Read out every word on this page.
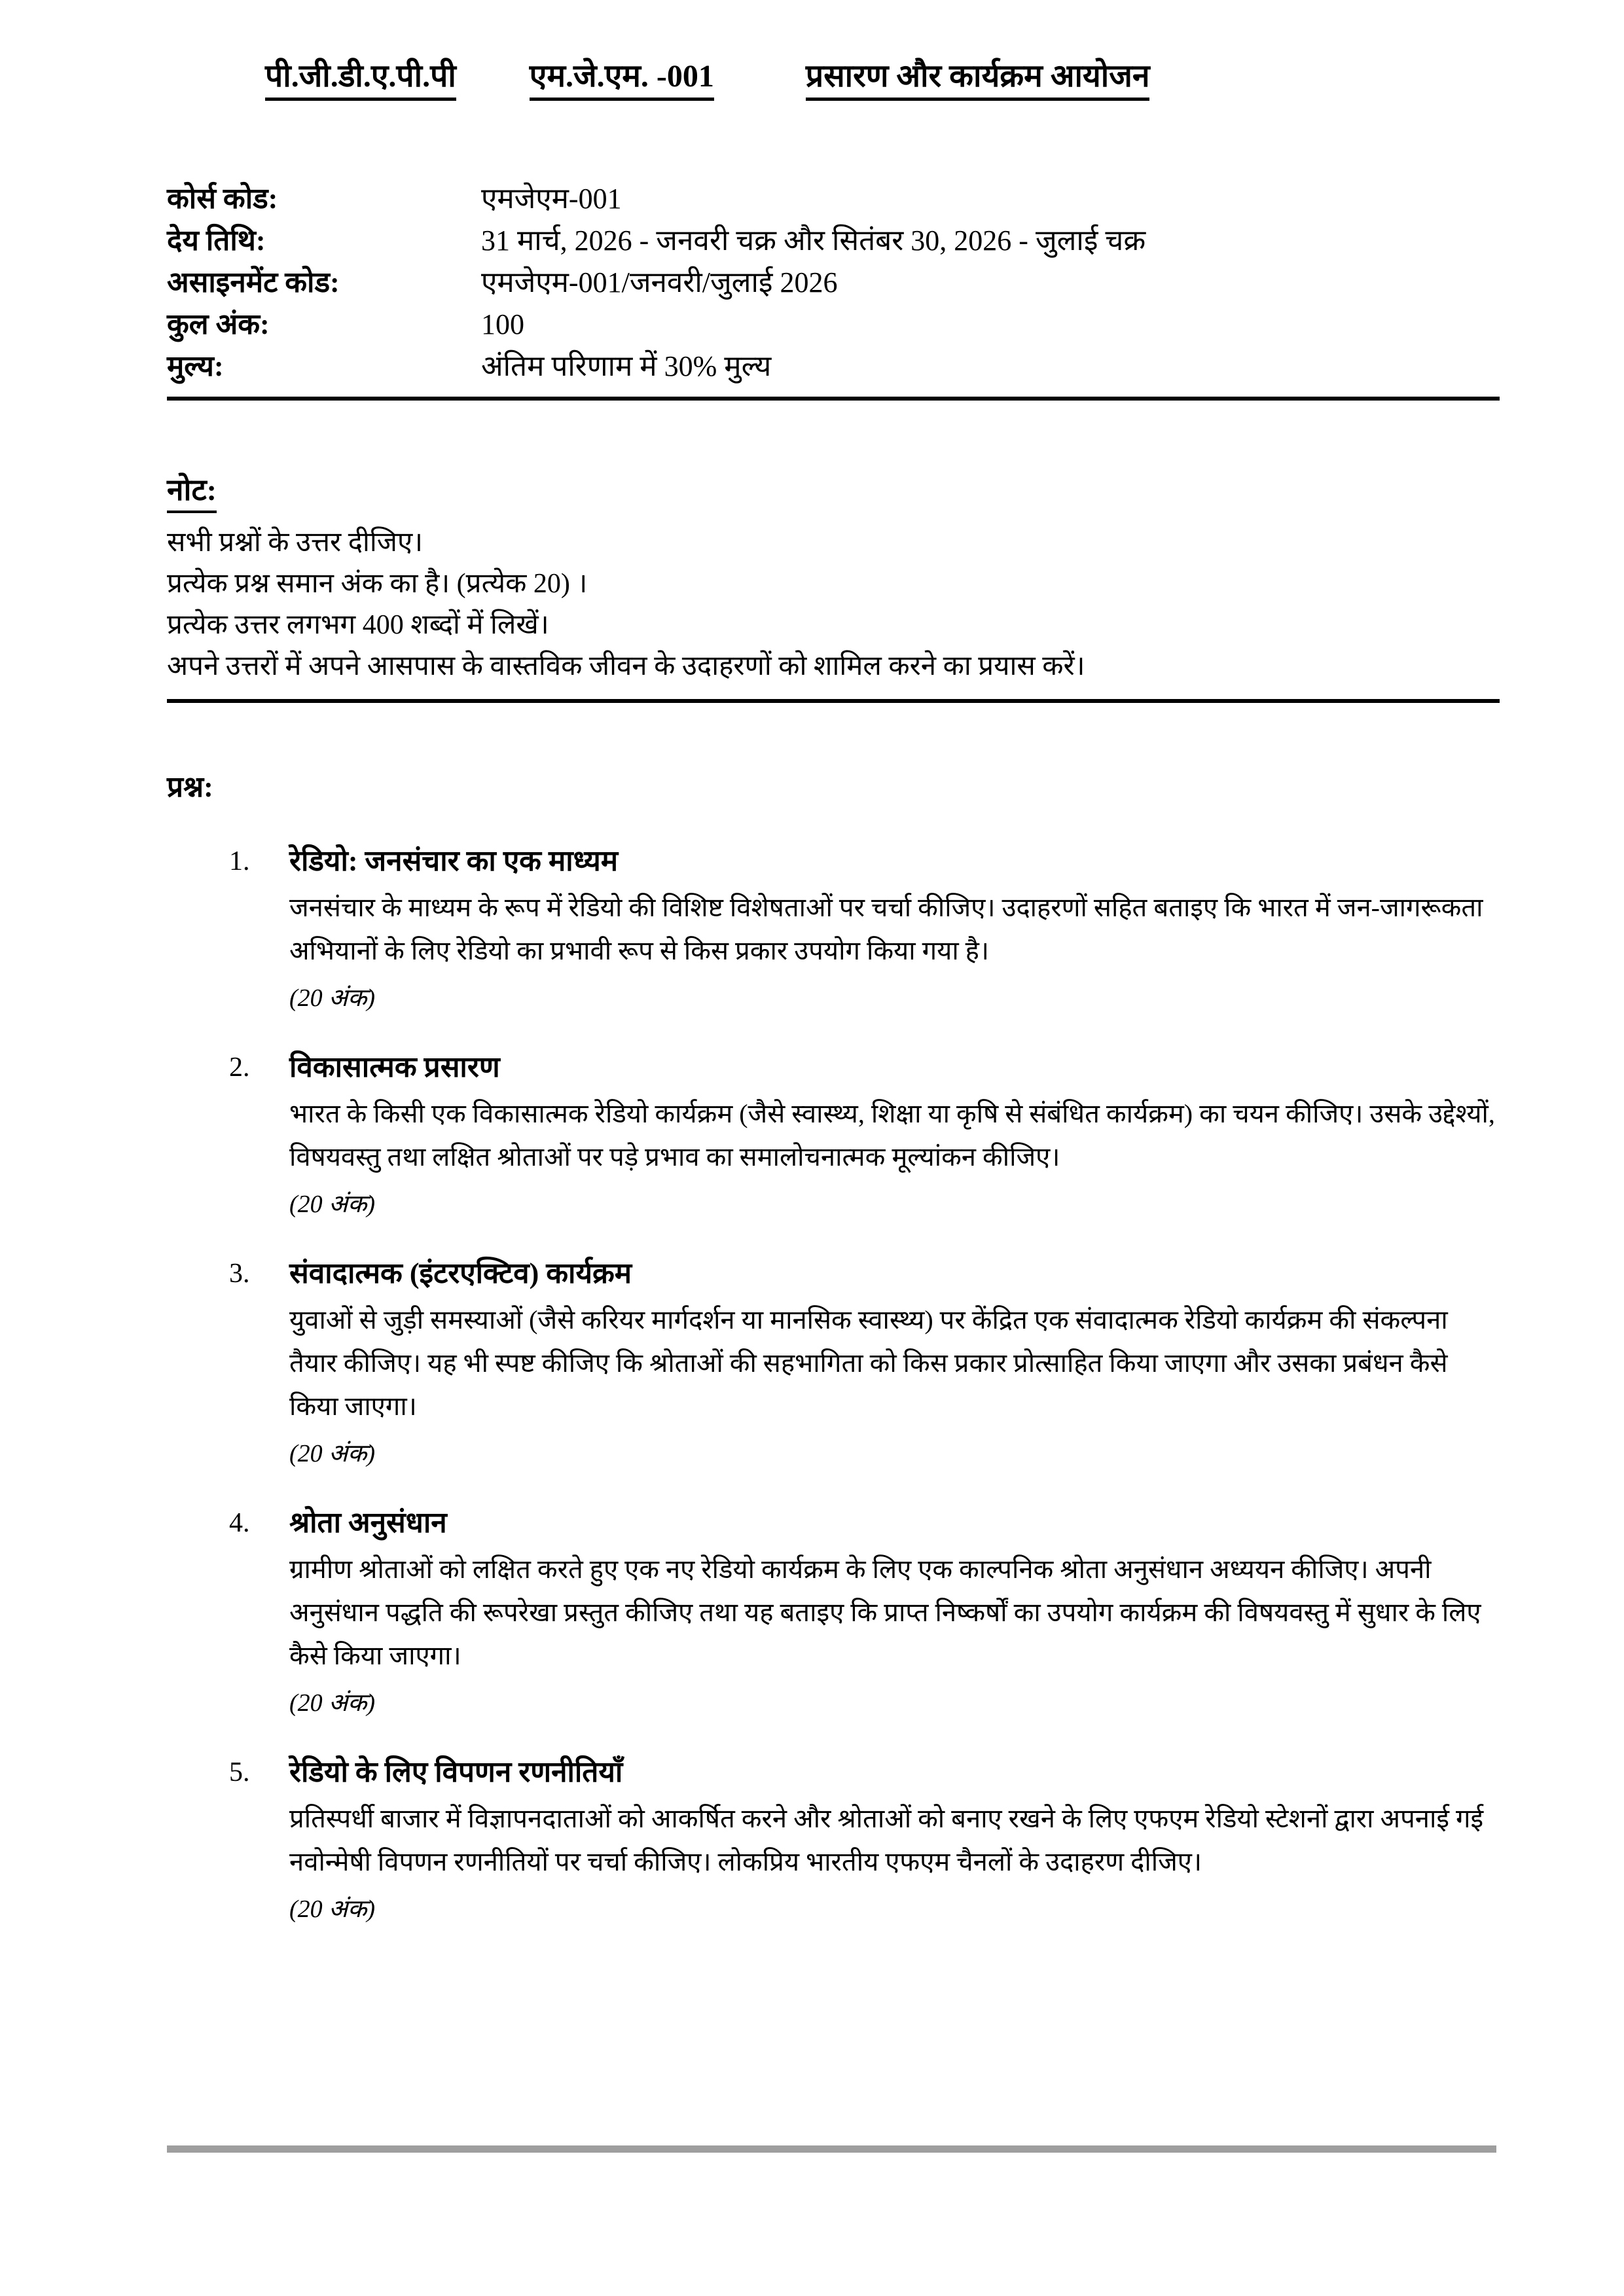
पी.जी.डी.ए.पी.पी एम.जे.एम. -001	प्रसारण और कार्यक्रम आयोजन
कोर्स कोड:	एमजेएम-001
देय तिथि:	31 मार्च, 2026 - जनवरी चक्र और सितंबर 30, 2026 - जुलाई चक्र
असाइनमेंट कोड:	एमजेएम-001/जनवरी/जुलाई 2026
कुल अंक:	100
मुल्य:	अंतिम परिणाम में 30% मुल्य
नोट:
सभी प्रश्नों के उत्तर दीजिए।
प्रत्येक प्रश्न समान अंक का है। (प्रत्येक 20) ।
प्रत्येक उत्तर लगभग 400 शब्दों में लिखें।
अपने उत्तरों में अपने आसपास के वास्तविक जीवन के उदाहरणों को शामिल करने का प्रयास करें।
प्रश्न:
1.	रेडियो: जनसंचार का एक माध्यम
जनसंचार के माध्यम के रूप में रेडियो की विशिष्ट विशेषताओं पर चर्चा कीजिए। उदाहरणों सहित बताइए कि भारत में जन-जागरूकता अभियानों के लिए रेडियो का प्रभावी रूप से किस प्रकार उपयोग किया गया है।
(20 अंक)
2.	विकासात्मक प्रसारण
भारत के किसी एक विकासात्मक रेडियो कार्यक्रम (जैसे स्वास्थ्य, शिक्षा या कृषि से संबंधित कार्यक्रम) का चयन कीजिए। उसके उद्देश्यों, विषयवस्तु तथा लक्षित श्रोताओं पर पड़े प्रभाव का समालोचनात्मक मूल्यांकन कीजिए।
(20 अंक)
3.	संवादात्मक (इंटरएक्टिव) कार्यक्रम
युवाओं से जुड़ी समस्याओं (जैसे करियर मार्गदर्शन या मानसिक स्वास्थ्य) पर केंद्रित एक संवादात्मक रेडियो कार्यक्रम की संकल्पना तैयार कीजिए। यह भी स्पष्ट कीजिए कि श्रोताओं की सहभागिता को किस प्रकार प्रोत्साहित किया जाएगा और उसका प्रबंधन कैसे किया जाएगा।
(20 अंक)
4.	श्रोता अनुसंधान
ग्रामीण श्रोताओं को लक्षित करते हुए एक नए रेडियो कार्यक्रम के लिए एक काल्पनिक श्रोता अनुसंधान अध्ययन कीजिए। अपनी अनुसंधान पद्धति की रूपरेखा प्रस्तुत कीजिए तथा यह बताइए कि प्राप्त निष्कर्षों का उपयोग कार्यक्रम की विषयवस्तु में सुधार के लिए कैसे किया जाएगा।
(20 अंक)
5.	रेडियो के लिए विपणन रणनीतियाँ
प्रतिस्पर्धी बाजार में विज्ञापनदाताओं को आकर्षित करने और श्रोताओं को बनाए रखने के लिए एफएम रेडियो स्टेशनों द्वारा अपनाई गई नवोन्मेषी विपणन रणनीतियों पर चर्चा कीजिए। लोकप्रिय भारतीय एफएम चैनलों के उदाहरण दीजिए।
(20 अंक)
